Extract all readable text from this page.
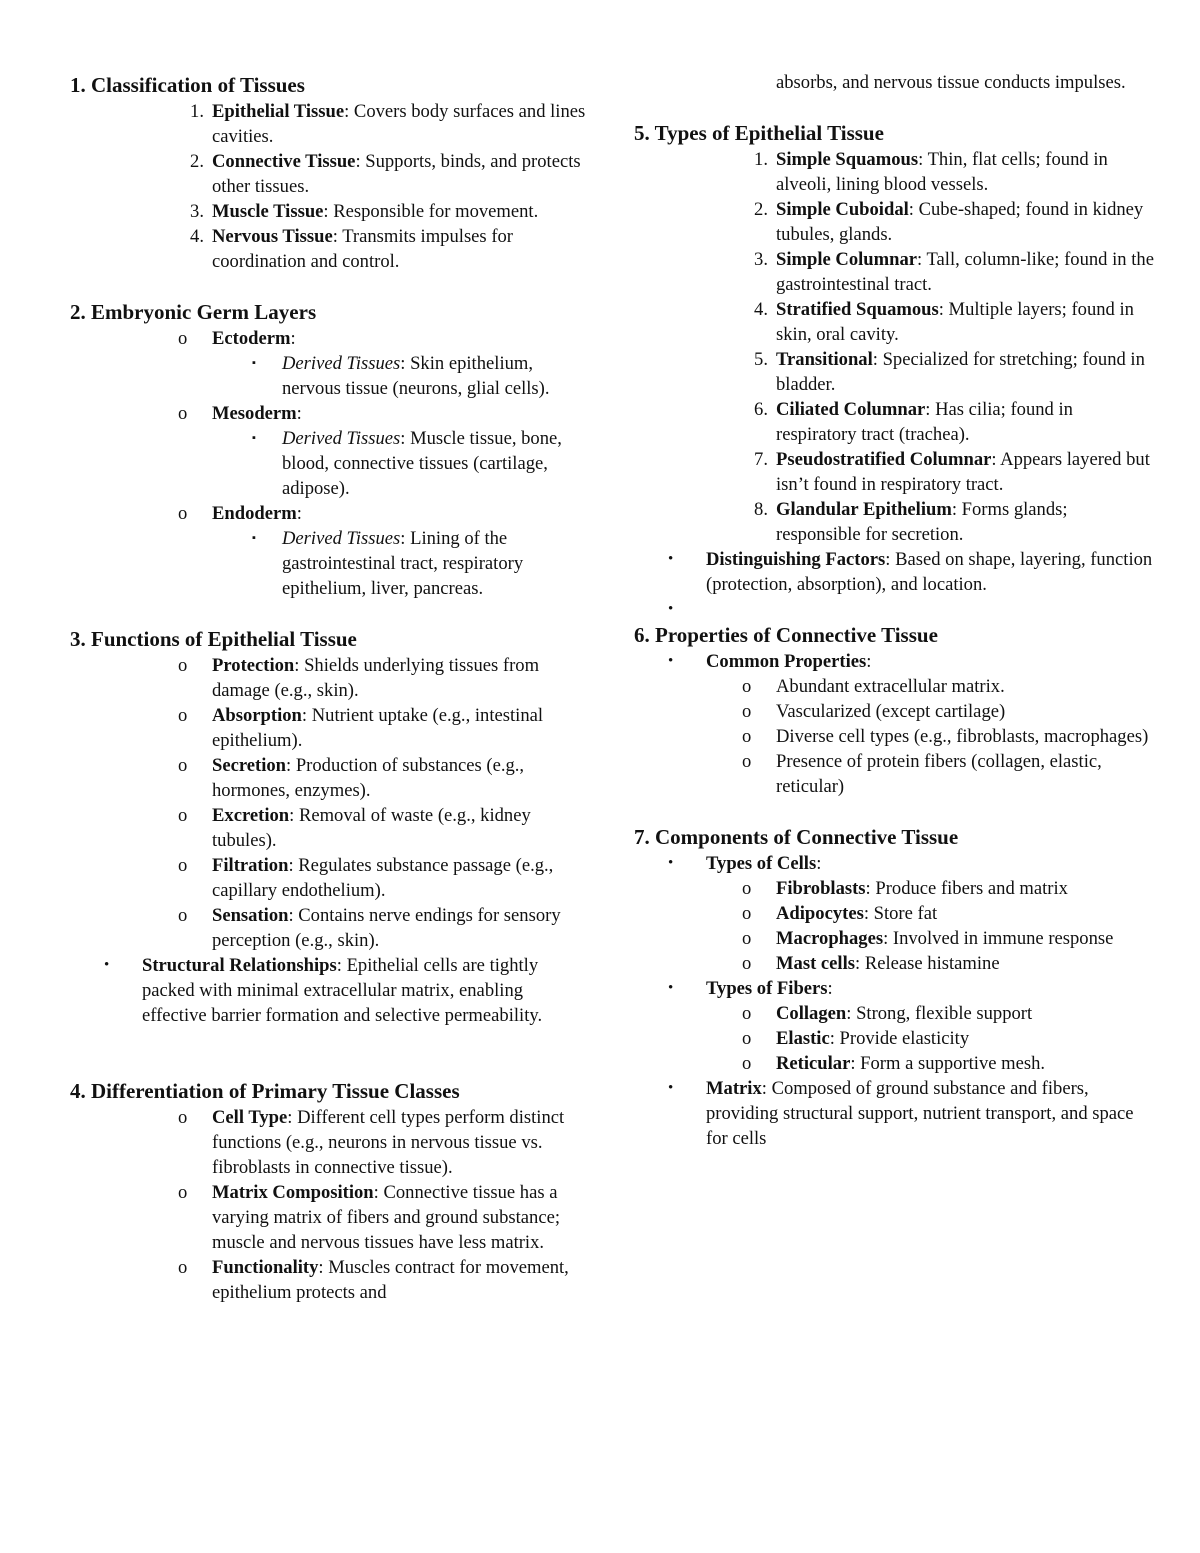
1. Classification of Tissues
1. Epithelial Tissue: Covers body surfaces and lines cavities.
2. Connective Tissue: Supports, binds, and protects other tissues.
3. Muscle Tissue: Responsible for movement.
4. Nervous Tissue: Transmits impulses for coordination and control.
2. Embryonic Germ Layers
o Ectoderm:
▪ Derived Tissues: Skin epithelium, nervous tissue (neurons, glial cells).
o Mesoderm:
▪ Derived Tissues: Muscle tissue, bone, blood, connective tissues (cartilage, adipose).
o Endoderm:
▪ Derived Tissues: Lining of the gastrointestinal tract, respiratory epithelium, liver, pancreas.
3. Functions of Epithelial Tissue
o Protection: Shields underlying tissues from damage (e.g., skin).
o Absorption: Nutrient uptake (e.g., intestinal epithelium).
o Secretion: Production of substances (e.g., hormones, enzymes).
o Excretion: Removal of waste (e.g., kidney tubules).
o Filtration: Regulates substance passage (e.g., capillary endothelium).
o Sensation: Contains nerve endings for sensory perception (e.g., skin).
• Structural Relationships: Epithelial cells are tightly packed with minimal extracellular matrix, enabling effective barrier formation and selective permeability.
4. Differentiation of Primary Tissue Classes
o Cell Type: Different cell types perform distinct functions (e.g., neurons in nervous tissue vs. fibroblasts in connective tissue).
o Matrix Composition: Connective tissue has a varying matrix of fibers and ground substance; muscle and nervous tissues have less matrix.
o Functionality: Muscles contract for movement, epithelium protects and
absorbs, and nervous tissue conducts impulses.
5. Types of Epithelial Tissue
1. Simple Squamous: Thin, flat cells; found in alveoli, lining blood vessels.
2. Simple Cuboidal: Cube-shaped; found in kidney tubules, glands.
3. Simple Columnar: Tall, column-like; found in the gastrointestinal tract.
4. Stratified Squamous: Multiple layers; found in skin, oral cavity.
5. Transitional: Specialized for stretching; found in bladder.
6. Ciliated Columnar: Has cilia; found in respiratory tract (trachea).
7. Pseudostratified Columnar: Appears layered but isn’t found in respiratory tract.
8. Glandular Epithelium: Forms glands; responsible for secretion.
• Distinguishing Factors: Based on shape, layering, function (protection, absorption), and location.
•

6. Properties of Connective Tissue
• Common Properties:
o Abundant extracellular matrix.
o Vascularized (except cartilage)
o Diverse cell types (e.g., fibroblasts, macrophages)
o Presence of protein fibers (collagen, elastic, reticular)
7. Components of Connective Tissue
• Types of Cells:
o Fibroblasts: Produce fibers and matrix
o Adipocytes: Store fat
o Macrophages: Involved in immune response
o Mast cells: Release histamine
• Types of Fibers:
o Collagen: Strong, flexible support
o Elastic: Provide elasticity
o Reticular: Form a supportive mesh.
• Matrix: Composed of ground substance and fibers, providing structural support, nutrient transport, and space for cells
